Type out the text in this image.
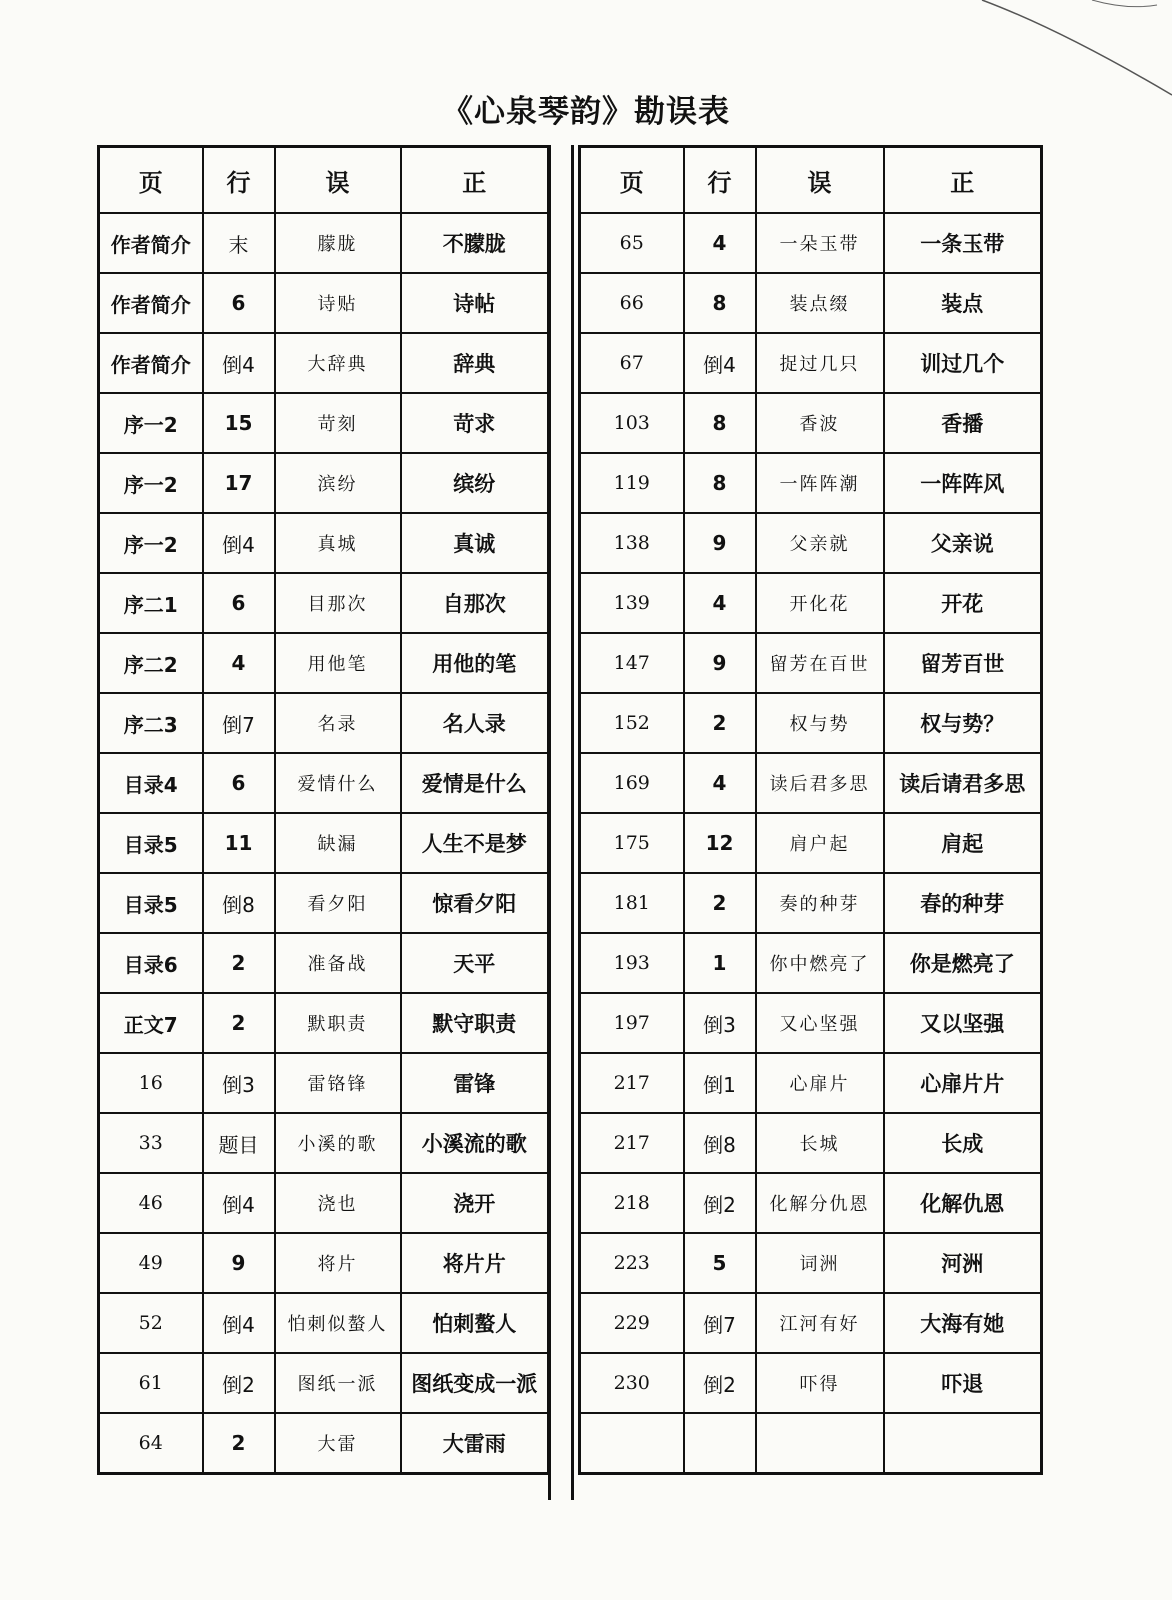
《心泉琴韵》勘误表
页	行	误	正
作者简介	末	朦胧	不朦胧
作者简介	6	诗贴	诗帖
作者简介	倒4	大辞典	辞典
序一2	15	苛刻	苛求
序一2	17	滨纷	缤纷
序一2	倒4	真城	真诚
序二1	6	目那次	自那次
序二2	4	用他笔	用他的笔
序二3	倒7	名录	名人录
目录4	6	爱情什么	爱情是什么
目录5	11	缺漏	人生不是梦
目录5	倒8	看夕阳	惊看夕阳
目录6	2	准备战	天平
正文7	2	默职责	默守职责
16	倒3	雷铬锋	雷锋
33	题目	小溪的歌	小溪流的歌
46	倒4	浇也	浇开
49	9	将片	将片片
52	倒4	怕刺似螯人	怕刺螯人
61	倒2	图纸一派	图纸变成一派
64	2	大雷	大雷雨
页	行	误	正
65	4	一朵玉带	一条玉带
66	8	装点缀	装点
67	倒4	捉过几只	训过几个
103	8	香波	香播
119	8	一阵阵潮	一阵阵风
138	9	父亲就	父亲说
139	4	开化花	开花
147	9	留芳在百世	留芳百世
152	2	权与势	权与势？
169	4	读后君多思	读后请君多思
175	12	肩户起	肩起
181	2	奏的种芽	春的种芽
193	1	你中燃亮了	你是燃亮了
197	倒3	又心坚强	又以坚强
217	倒1	心扉片	心扉片片
217	倒8	长城	长成
218	倒2	化解分仇恩	化解仇恩
223	5	词洲	河洲
229	倒7	江河有好	大海有她
230	倒2	吓得	吓退
